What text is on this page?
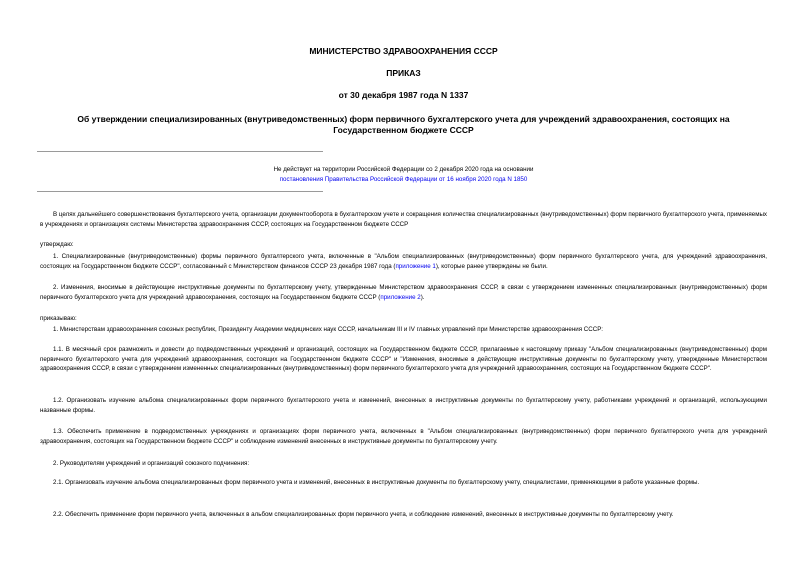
МИНИСТЕРСТВО ЗДРАВООХРАНЕНИЯ СССР
ПРИКАЗ
от 30 декабря 1987 года N 1337
Об утверждении специализированных (внутриведомственных) форм первичного бухгалтерского учета для учреждений здравоохранения, состоящих на Государственном бюджете СССР
Не действует на территории Российской Федерации со 2 декабря 2020 года на основании
постановления Правительства Российской Федерации от 16 ноября 2020 года N 1850
В целях дальнейшего совершенствования бухгалтерского учета, организации документооборота в бухгалтерском учете и сокращения количества специализированных (внутриведомственных) форм первичного бухгалтерского учета, применяемых в учреждениях и организациях системы Министерства здравоохранения СССР, состоящих на Государственном бюджете СССР
утверждаю:
1. Специализированные (внутриведомственные) формы первичного бухгалтерского учета, включенные в "Альбом специализированных (внутриведомственных) форм первичного бухгалтерского учета, для учреждений здравоохранения, состоящих на Государственном бюджете СССР", согласованный с Министерством финансов СССР 23 декабря 1987 года (приложение 1), которые ранее утверждены не были.
2. Изменения, вносимые в действующие инструктивные документы по бухгалтерскому учету, утвержденные Министерством здравоохранения СССР, в связи с утверждением измененных специализированных (внутриведомственных) форм первичного бухгалтерского учета для учреждений здравоохранения, состоящих на Государственном бюджете СССР (приложение 2).
приказываю:
1. Министерствам здравоохранения союзных республик, Президенту Академии медицинских наук СССР, начальникам III и IV главных управлений при Министерстве здравоохранения СССР:
1.1. В месячный срок размножить и довести до подведомственных учреждений и организаций, состоящих на Государственном бюджете СССР, прилагаемые к настоящему приказу "Альбом специализированных (внутриведомственных) форм первичного бухгалтерского учета для учреждений здравоохранения, состоящих на Государственном бюджете СССР" и "Изменения, вносимые в действующие инструктивные документы по бухгалтерскому учету, утвержденные Министерством здравоохранения СССР, в связи с утверждением измененных специализированных (внутриведомственных) форм первичного бухгалтерского учета для учреждений здравоохранения, состоящих на Государственном бюджете СССР".
1.2. Организовать изучение альбома специализированных форм первичного бухгалтерского учета и изменений, внесенных в инструктивные документы по бухгалтерскому учету, работниками учреждений и организаций, использующими названные формы.
1.3. Обеспечить применение в подведомственных учреждениях и организациях форм первичного учета, включенных в "Альбом специализированных (внутриведомственных) форм первичного бухгалтерского учета для учреждений здравоохранения, состоящих на Государственном бюджете СССР" и соблюдение изменений внесенных в инструктивные документы по бухгалтерскому учету.
2. Руководителям учреждений и организаций союзного подчинения:
2.1. Организовать изучение альбома специализированных форм первичного учета и изменений, внесенных в инструктивные документы по бухгалтерскому учету, специалистами, применяющими в работе указанные формы.
2.2. Обеспечить применение форм первичного учета, включенных в альбом специализированных форм первичного учета, и соблюдение изменений, внесенных в инструктивные документы по бухгалтерскому учету.
